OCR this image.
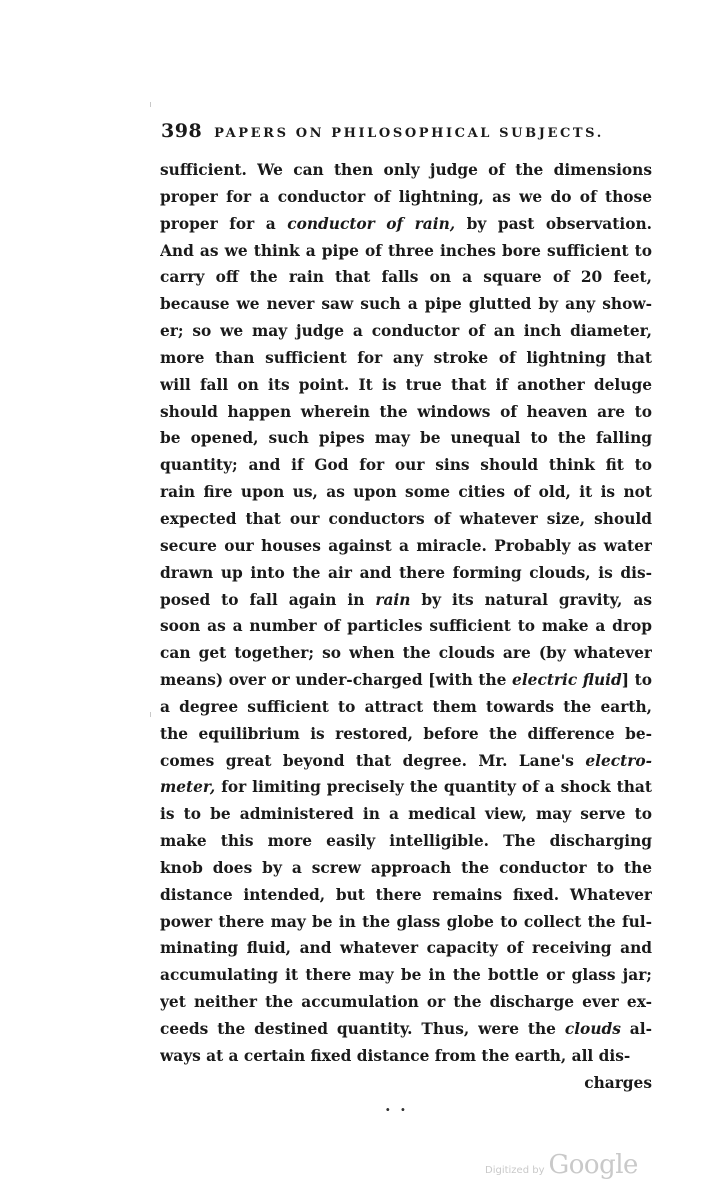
398 PAPERS ON PHILOSOPHICAL SUBJECTS.
sufficient. We can then only judge of the dimensions
proper for a conductor of lightning, as we do of those
proper for a conductor of rain, by past observation.
And as we think a pipe of three inches bore sufficient to
carry off the rain that falls on a square of 20 feet,
because we never saw such a pipe glutted by any show-
er; so we may judge a conductor of an inch diameter,
more than sufficient for any stroke of lightning that
will fall on its point. It is true that if another deluge
should happen wherein the windows of heaven are to
be opened, such pipes may be unequal to the falling
quantity; and if God for our sins should think fit to
rain fire upon us, as upon some cities of old, it is not
expected that our conductors of whatever size, should
secure our houses against a miracle. Probably as water
drawn up into the air and there forming clouds, is dis-
posed to fall again in rain by its natural gravity, as
soon as a number of particles sufficient to make a drop
can get together; so when the clouds are (by whatever
means) over or under-charged [with the electric fluid] to
a degree sufficient to attract them towards the earth,
the equilibrium is restored, before the difference be-
comes great beyond that degree. Mr. Lane's electro-
meter, for limiting precisely the quantity of a shock that
is to be administered in a medical view, may serve to
make this more easily intelligible. The discharging
knob does by a screw approach the conductor to the
distance intended, but there remains fixed. Whatever
power there may be in the glass globe to collect the ful-
minating fluid, and whatever capacity of receiving and
accumulating it there may be in the bottle or glass jar;
yet neither the accumulation or the discharge ever ex-
ceeds the destined quantity. Thus, were the clouds al-
ways at a certain fixed distance from the earth, all dis-
charges
· ·
Digitized by Google
